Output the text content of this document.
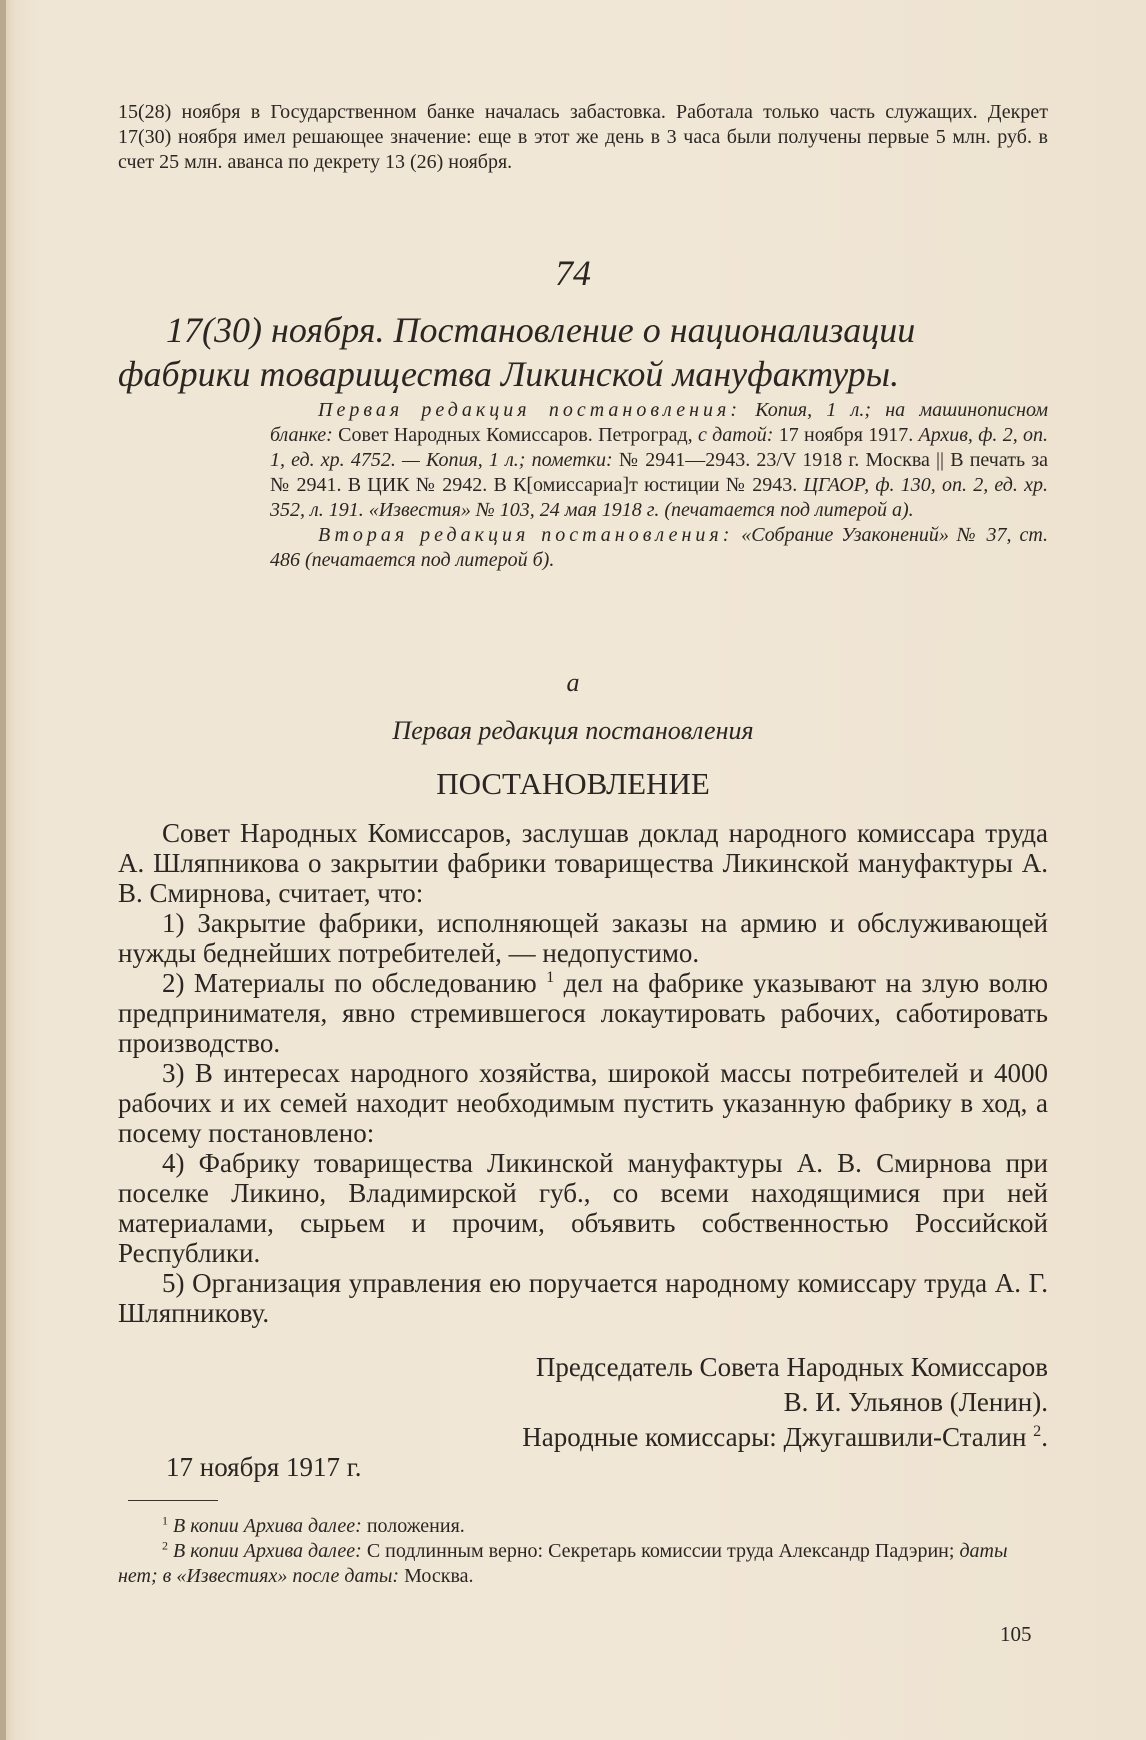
15(28) ноября в Государственном банке началась забастовка. Работала только часть служащих. Декрет 17(30) ноября имел решающее значение: еще в этот же день в 3 часа были получены первые 5 млн. руб. в счет 25 млн. аванса по декрету 13 (26) ноября.
74
17(30) ноября. Постановление о национализации фабрики товарищества Ликинской мануфактуры.

Первая редакция постановления: Копия, 1 л.; на машинописном бланке: Совет Народных Комиссаров. Петроград, с датой: 17 ноября 1917. Архив, ф. 2, оп. 1, ед. хр. 4752. — Копия, 1 л.; пометки: № 2941—2943. 23/V 1918 г. Москва || В печать за № 2941. В ЦИК № 2942. В К[омиссариа]т юстиции № 2943. ЦГАОР, ф. 130, оп. 2, ед. хр. 352, л. 191. «Известия» № 103, 24 мая 1918 г. (печатается под литерой а).

Вторая редакция постановления: «Собрание Узаконений» № 37, ст. 486 (печатается под литерой б).

а
Первая редакция постановления
ПОСТАНОВЛЕНИЕ

Совет Народных Комиссаров, заслушав доклад народного комиссара труда А. Шляпникова о закрытии фабрики товарищества Ликинской мануфактуры А. В. Смирнова, считает, что:

1) Закрытие фабрики, исполняющей заказы на армию и обслуживающей нужды беднейших потребителей, — недопустимо.

2) Материалы по обследованию $^1$ дел на фабрике указывают на злую волю предпринимателя, явно стремившегося локаутировать рабочих, саботировать производство.

3) В интересах народного хозяйства, широкой массы потребителей и 4000 рабочих и их семей находит необходимым пустить указанную фабрику в ход, а посему постановлено:

4) Фабрику товарищества Ликинской мануфактуры А. В. Смирнова при поселке Ликино, Владимирской губ., со всеми находящимися при ней материалами, сырьем и прочим, объявить собственностью Российской Республики.

5) Организация управления ею поручается народному комиссару труда А. Г. Шляпникову.

Председатель Совета Народных Комиссаров
В. И. Ульянов (Ленин).
Народные комиссары: Джугашвили-Сталин $^2$.
17 ноября 1917 г.

$^1$ В копии Архива далее: положения.

$^2$ В копии Архива далее: С подлинным верно: Секретарь комиссии труда Александр Падэрин; даты нет; в «Известиях» после даты: Москва.

105
